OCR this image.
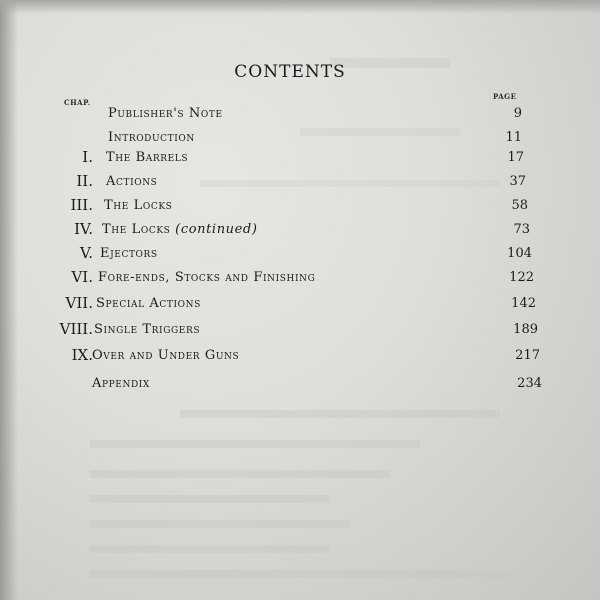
CONTENTS
CHAP.
PAGE
Publisher's Note	9
Introduction	11
I. The Barrels	17
II. Actions	37
III. The Locks	58
IV. The Locks (continued)	73
V. Ejectors	104
VI. Fore-ends, Stocks and Finishing	122
VII. Special Actions	142
VIII. Single Triggers	189
IX. Over and Under Guns	217
Appendix	234
